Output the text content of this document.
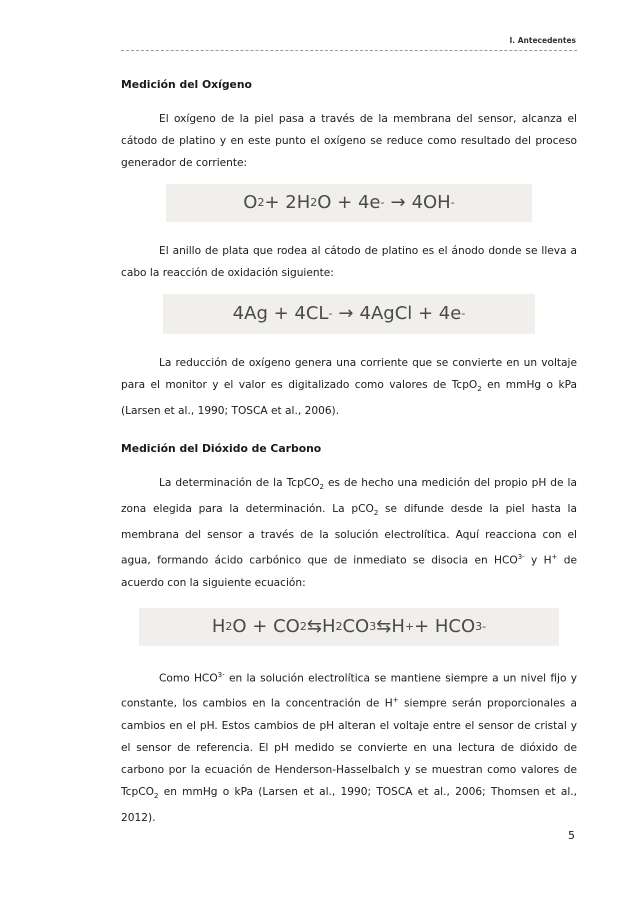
I. Antecedentes
Medición del Oxígeno

El oxígeno de la piel pasa a través de la membrana del sensor, alcanza el cátodo de platino y en este punto el oxígeno se reduce como resultado del proceso generador de corriente:

O 2 + 2H 2 O + 4e - → 4OH -

El anillo de plata que rodea al cátodo de platino es el ánodo donde se lleva a cabo la reacción de oxidación siguiente:

4Ag + 4CL - → 4AgCl + 4e -

La reducción de oxígeno genera una corriente que se convierte en un voltaje para el monitor y el valor es digitalizado como valores de TcpO$_2$ en mmHg o kPa (Larsen et al., 1990; TOSCA et al., 2006).

Medición del Dióxido de Carbono

La determinación de la TcpCO$_2$ es de hecho una medición del propio pH de la zona elegida para la determinación. La pCO$_2$ se difunde desde la piel hasta la membrana del sensor a través de la solución electrolítica. Aquí reacciona con el agua, formando ácido carbónico que de inmediato se disocia en $HCO^{3-}$ y H+ de acuerdo con la siguiente ecuación:

H 2 O + CO 2 ⇆ H 2 CO 3 ⇆ H + + HCO 3-

Como $HCO^{3-}$ en la solución electrolítica se mantiene siempre a un nivel fijo y constante, los cambios en la concentración de H+ siempre serán proporcionales a cambios en el pH. Estos cambios de pH alteran el voltaje entre el sensor de cristal y el sensor de referencia. El pH medido se convierte en una lectura de dióxido de carbono por la ecuación de Henderson-Hasselbalch y se muestran como valores de TcpCO$_2$ en mmHg o kPa (Larsen et al., 1990; TOSCA et al., 2006; Thomsen et al., 2012).

5
